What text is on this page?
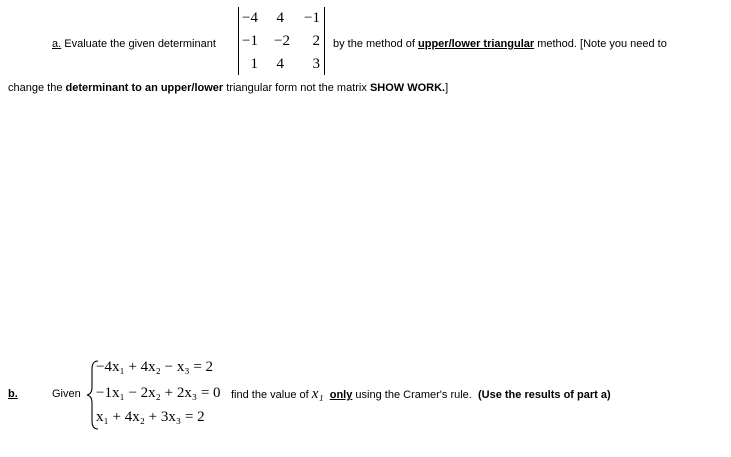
a. Evaluate the given determinant
−4	4	−1
−1	−2	2
1	4	3
by the method of upper/lower triangular method. [Note you need to
change the determinant to an upper/lower triangular form not the matrix SHOW WORK.]
b.	Given
−4x₁ + 4x₂ − x₃ = 2
−1x₁ − 2x₂ + 2x₃ = 0
x₁ + 4x₂ + 3x₃ = 2
find the value of x₁ only using the Cramer's rule. (Use the results of part a)
